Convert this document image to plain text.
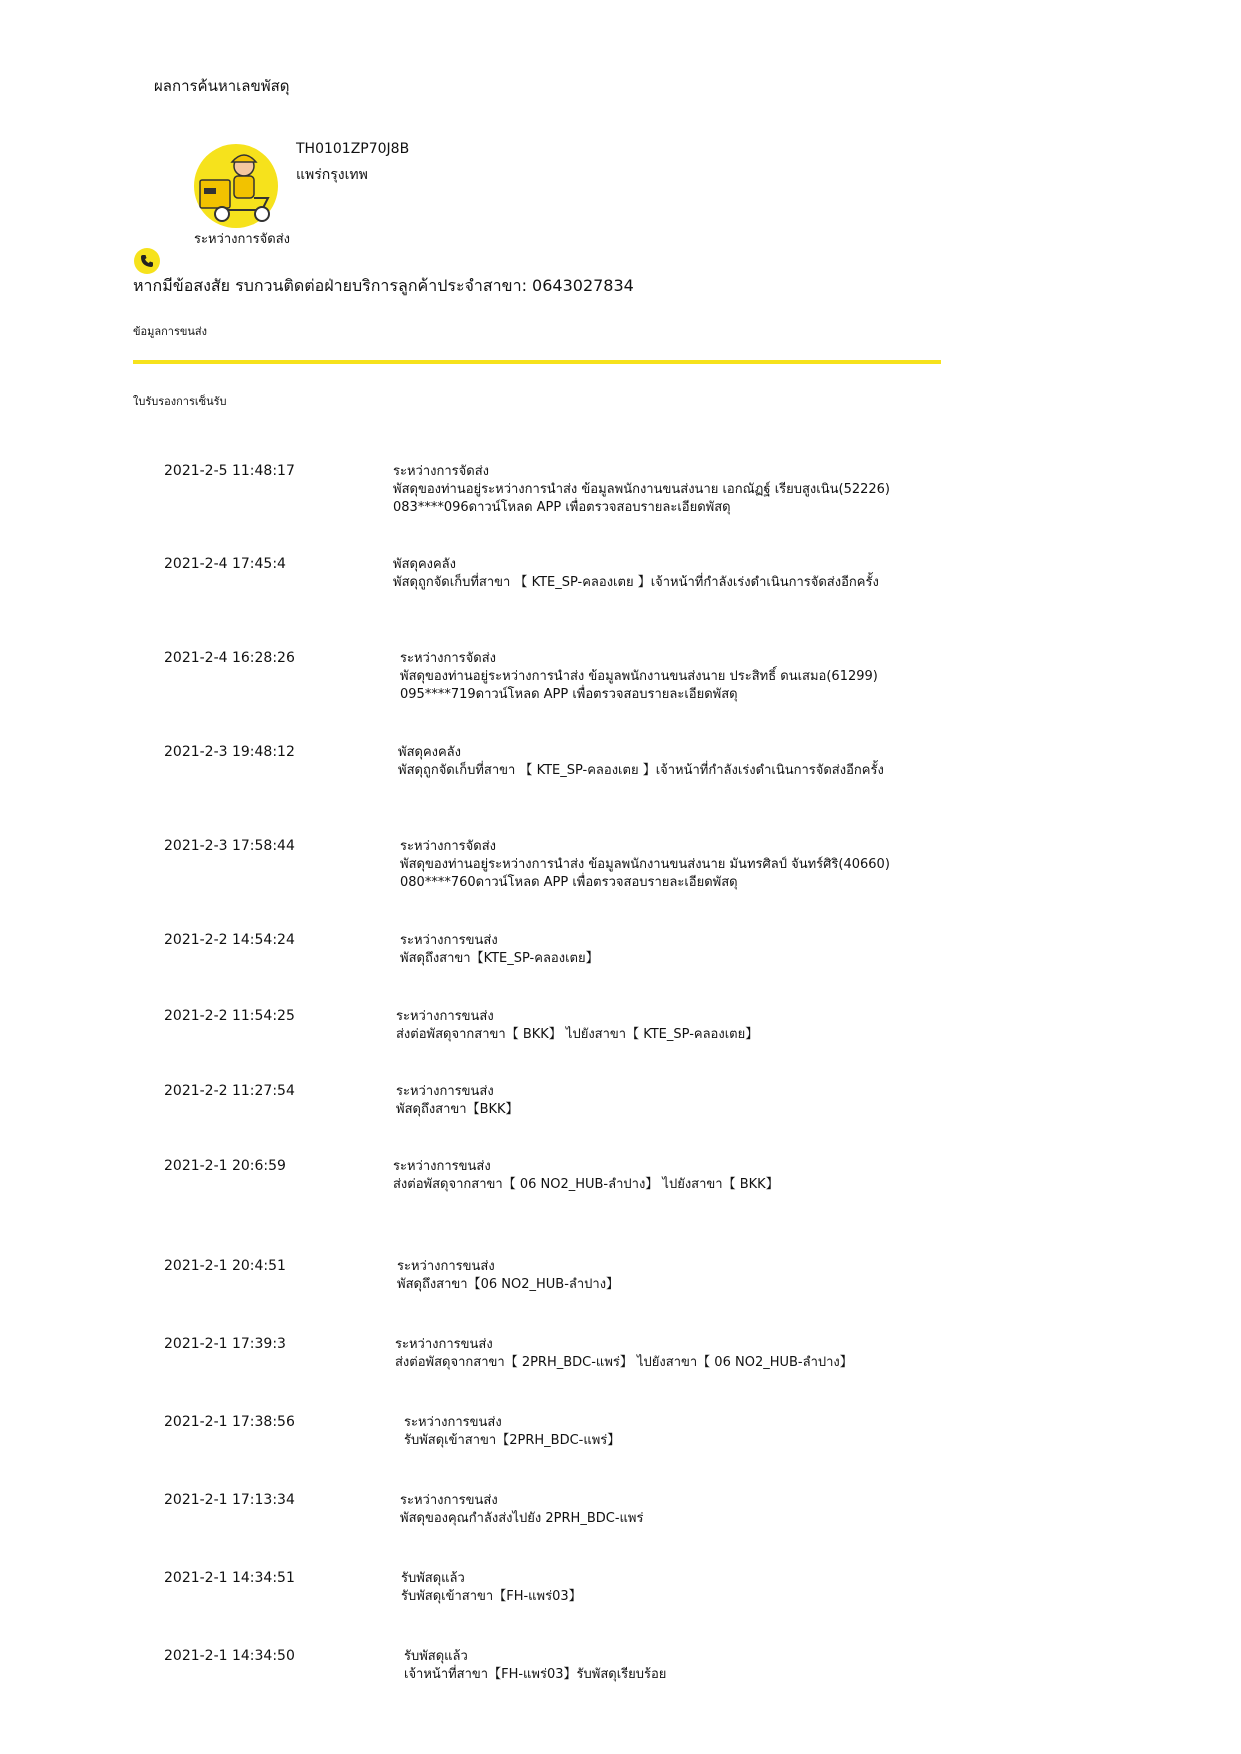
ผลการค้นหาเลขพัสดุ
TH0101ZP70J8B
แพร่กรุงเทพ
ระหว่างการจัดส่ง
หากมีข้อสงสัย รบกวนติดต่อฝ่ายบริการลูกค้าประจำสาขา: 0643027834
ข้อมูลการขนส่ง
ใบรับรองการเซ็นรับ
2021-2-5 11:48:17	ระหว่างการจัดส่ง
พัสดุของท่านอยู่ระหว่างการนำส่ง ข้อมูลพนักงานขนส่งนาย เอกณัฏฐ์ เรียบสูงเนิน(52226) 083****096ดาวน์โหลด APP เพื่อตรวจสอบรายละเอียดพัสดุ
2021-2-4 17:45:4	พัสดุคงคลัง
พัสดุถูกจัดเก็บที่สาขา 【 KTE_SP-คลองเตย 】เจ้าหน้าที่กำลังเร่งดำเนินการจัดส่งอีกครั้ง
2021-2-4 16:28:26	ระหว่างการจัดส่ง
พัสดุของท่านอยู่ระหว่างการนำส่ง ข้อมูลพนักงานขนส่งนาย ประสิทธิ์ ดนเสมอ(61299) 095****719ดาวน์โหลด APP เพื่อตรวจสอบรายละเอียดพัสดุ
2021-2-3 19:48:12	พัสดุคงคลัง
พัสดุถูกจัดเก็บที่สาขา 【 KTE_SP-คลองเตย 】เจ้าหน้าที่กำลังเร่งดำเนินการจัดส่งอีกครั้ง
2021-2-3 17:58:44	ระหว่างการจัดส่ง
พัสดุของท่านอยู่ระหว่างการนำส่ง ข้อมูลพนักงานขนส่งนาย มันทรศิลป์ จันทร์ศิริ(40660) 080****760ดาวน์โหลด APP เพื่อตรวจสอบรายละเอียดพัสดุ
2021-2-2 14:54:24	ระหว่างการขนส่ง
พัสดุถึงสาขา【KTE_SP-คลองเตย】
2021-2-2 11:54:25	ระหว่างการขนส่ง
ส่งต่อพัสดุจากสาขา【 BKK】 ไปยังสาขา【 KTE_SP-คลองเตย】
2021-2-2 11:27:54	ระหว่างการขนส่ง
พัสดุถึงสาขา【BKK】
2021-2-1 20:6:59	ระหว่างการขนส่ง
ส่งต่อพัสดุจากสาขา【 06 NO2_HUB-ลำปาง】 ไปยังสาขา【 BKK】
2021-2-1 20:4:51	ระหว่างการขนส่ง
พัสดุถึงสาขา【06 NO2_HUB-ลำปาง】
2021-2-1 17:39:3	ระหว่างการขนส่ง
ส่งต่อพัสดุจากสาขา【 2PRH_BDC-แพร่】 ไปยังสาขา【 06 NO2_HUB-ลำปาง】
2021-2-1 17:38:56	ระหว่างการขนส่ง
รับพัสดุเข้าสาขา【2PRH_BDC-แพร่】
2021-2-1 17:13:34	ระหว่างการขนส่ง
พัสดุของคุณกำลังส่งไปยัง 2PRH_BDC-แพร่
2021-2-1 14:34:51	รับพัสดุแล้ว
รับพัสดุเข้าสาขา【FH-แพร่03】
2021-2-1 14:34:50	รับพัสดุแล้ว
เจ้าหน้าที่สาขา【FH-แพร่03】รับพัสดุเรียบร้อย
